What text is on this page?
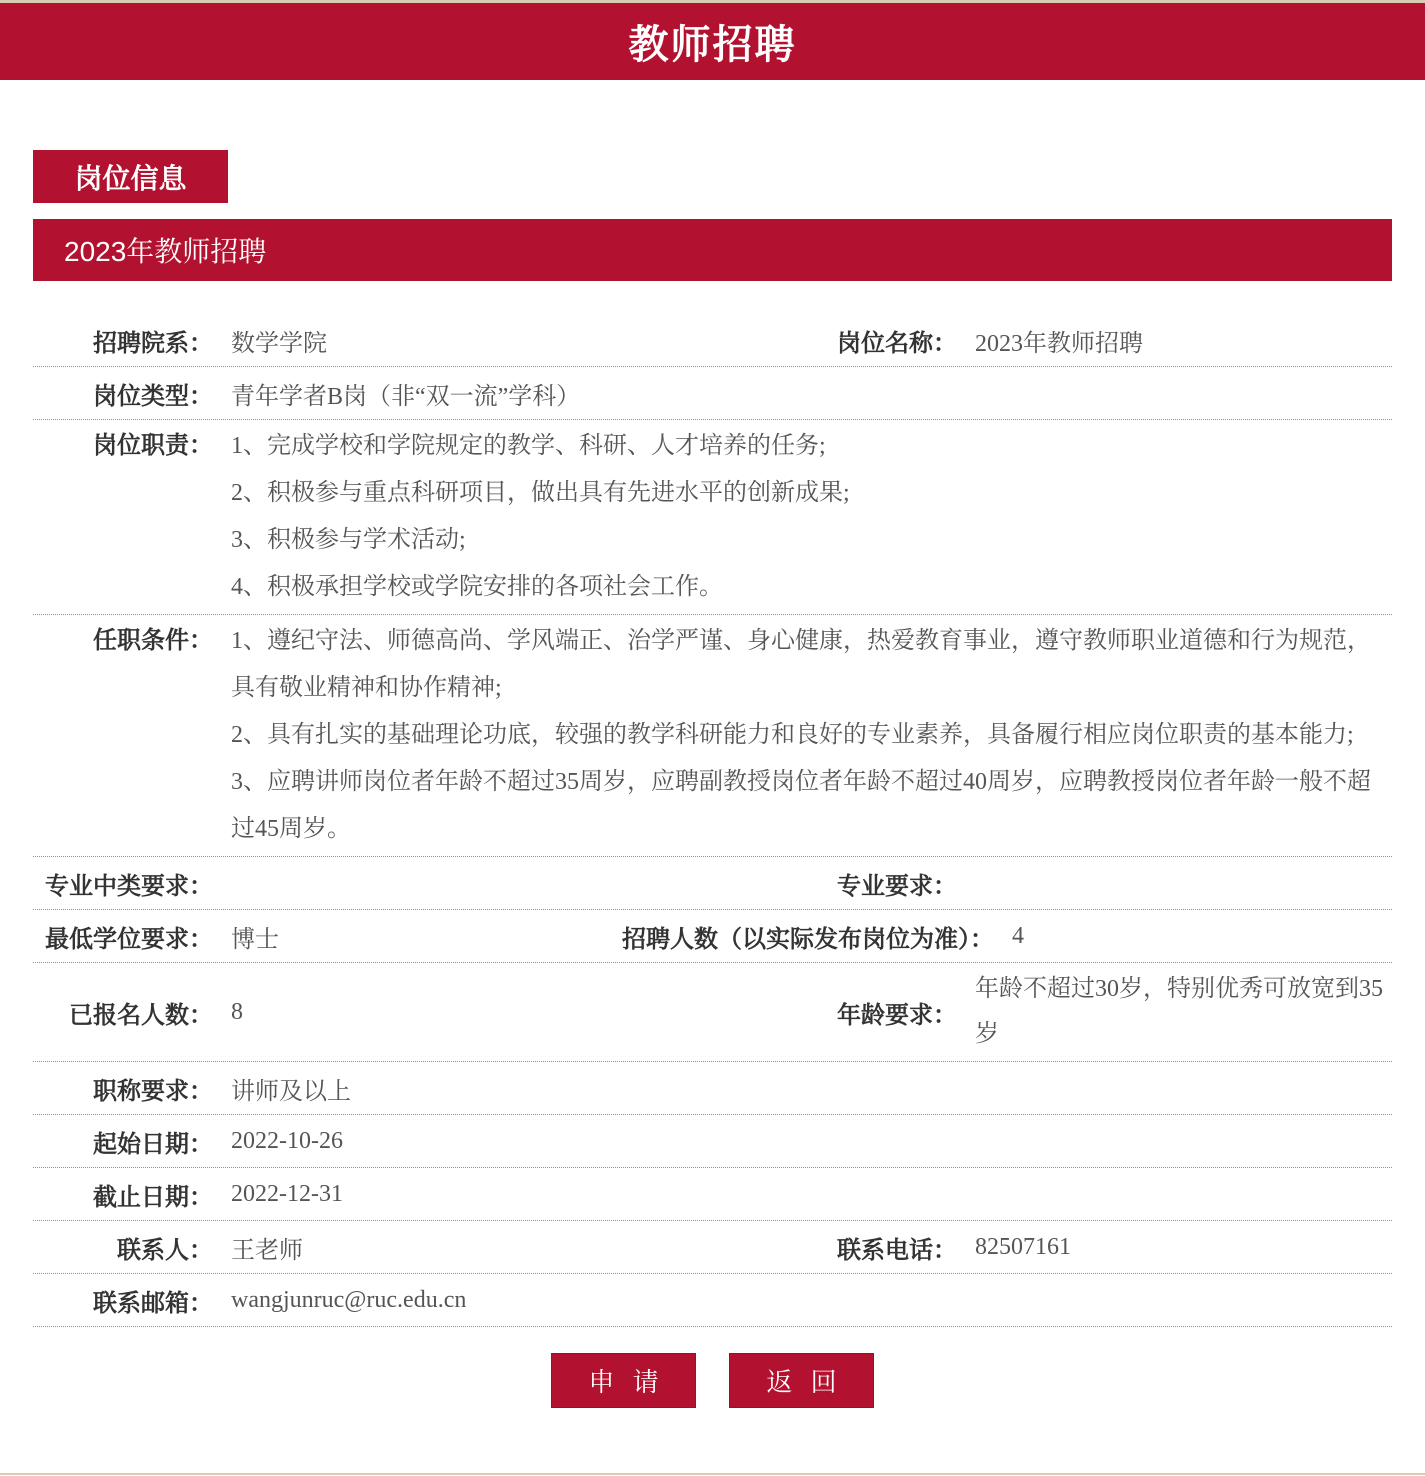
教师招聘
岗位信息
2023年教师招聘
招聘院系： 数学学院	岗位名称： 2023年教师招聘
岗位类型： 青年学者B岗（非“双一流”学科）
岗位职责： 1、完成学校和学院规定的教学、科研、人才培养的任务;
2、积极参与重点科研项目，做出具有先进水平的创新成果;
3、积极参与学术活动;
4、积极承担学校或学院安排的各项社会工作。
任职条件： 1、遵纪守法、师德高尚、学风端正、治学严谨、身心健康，热爱教育事业，遵守教师职业道德和行为规范，具有敬业精神和协作精神;
2、具有扎实的基础理论功底，较强的教学科研能力和良好的专业素养，具备履行相应岗位职责的基本能力;
3、应聘讲师岗位者年龄不超过35周岁，应聘副教授岗位者年龄不超过40周岁，应聘教授岗位者年龄一般不超过45周岁。
专业中类要求：	专业要求：
最低学位要求： 博士	招聘人数（以实际发布岗位为准）： 4
已报名人数： 8	年龄要求：
年龄不超过30岁，特别优秀可放宽到35岁
职称要求： 讲师及以上
起始日期： 2022-10-26
截止日期： 2022-12-31
联系人： 王老师	联系电话： 82507161
联系邮箱： wangjunruc@ruc.edu.cn
申请	返回
